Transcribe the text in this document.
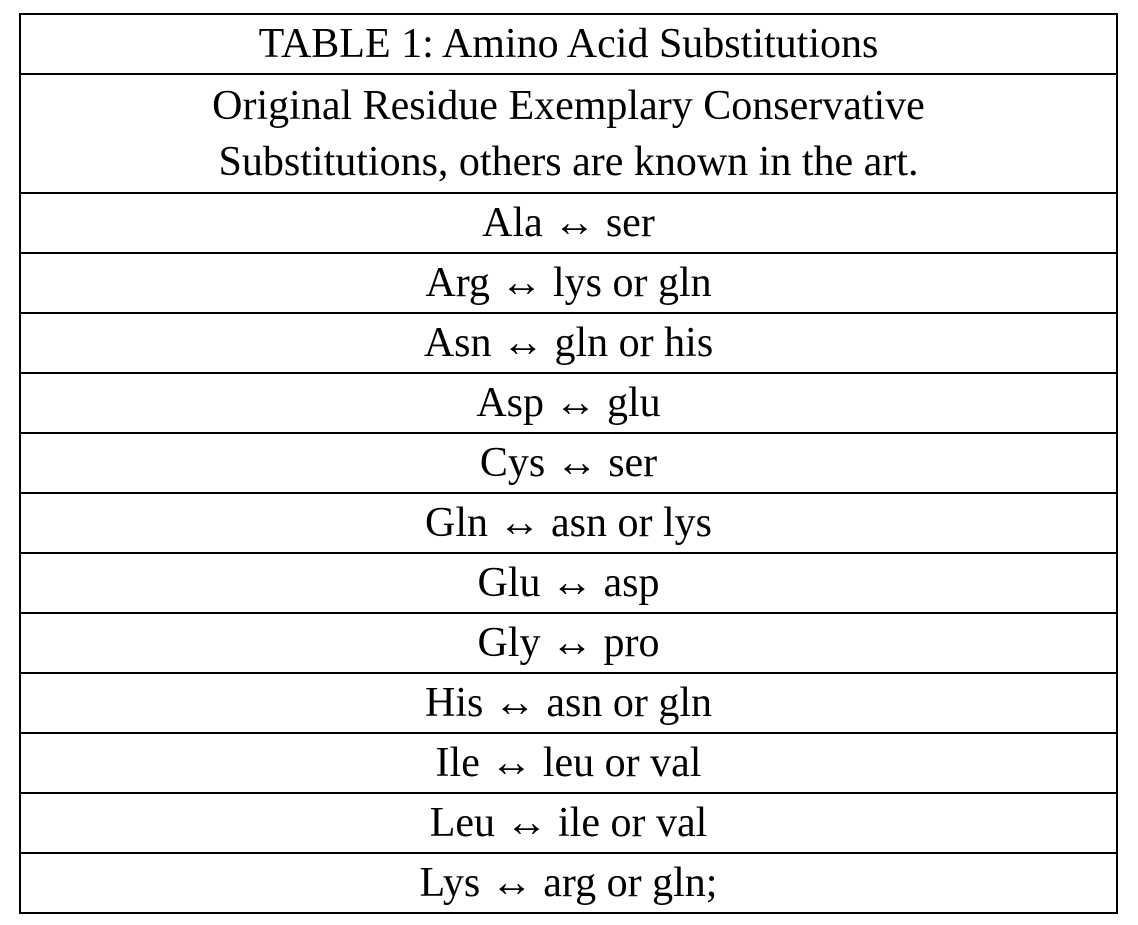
TABLE 1: Amino Acid Substitutions
Original Residue Exemplary Conservative
Substitutions, others are known in the art.
Ala ↔ ser
Arg ↔ lys or gln
Asn ↔ gln or his
Asp ↔ glu
Cys ↔ ser
Gln ↔ asn or lys
Glu ↔ asp
Gly ↔ pro
His ↔ asn or gln
Ile ↔ leu or val
Leu ↔ ile or val
Lys ↔ arg or gln;
